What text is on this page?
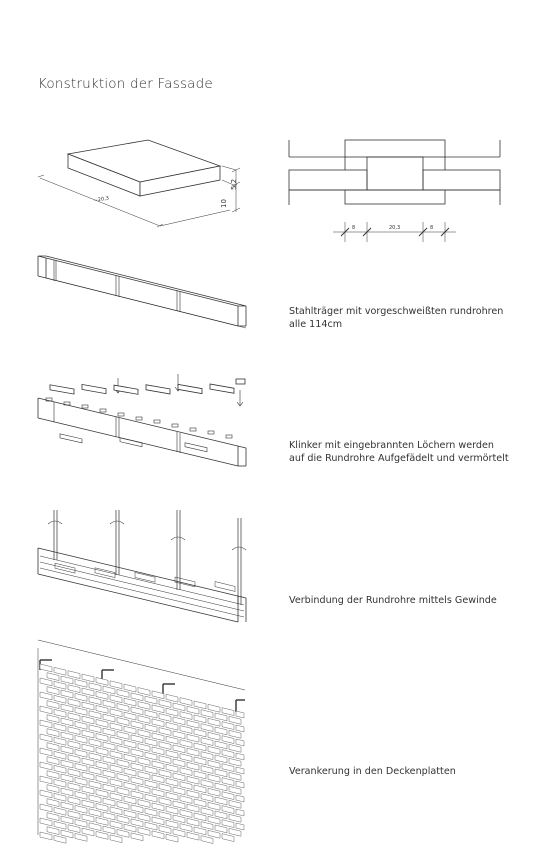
Konstruktion der Fassade
~20,3	10
5,2
8	20,3	8
Stahlträger mit vorgeschweißten rundrohren
alle 114cm
Klinker mit eingebrannten Löchern werden
auf die Rundrohre Aufgefädelt und vermörtelt
Verbindung der Rundrohre mittels Gewinde
Verankerung in den Deckenplatten
